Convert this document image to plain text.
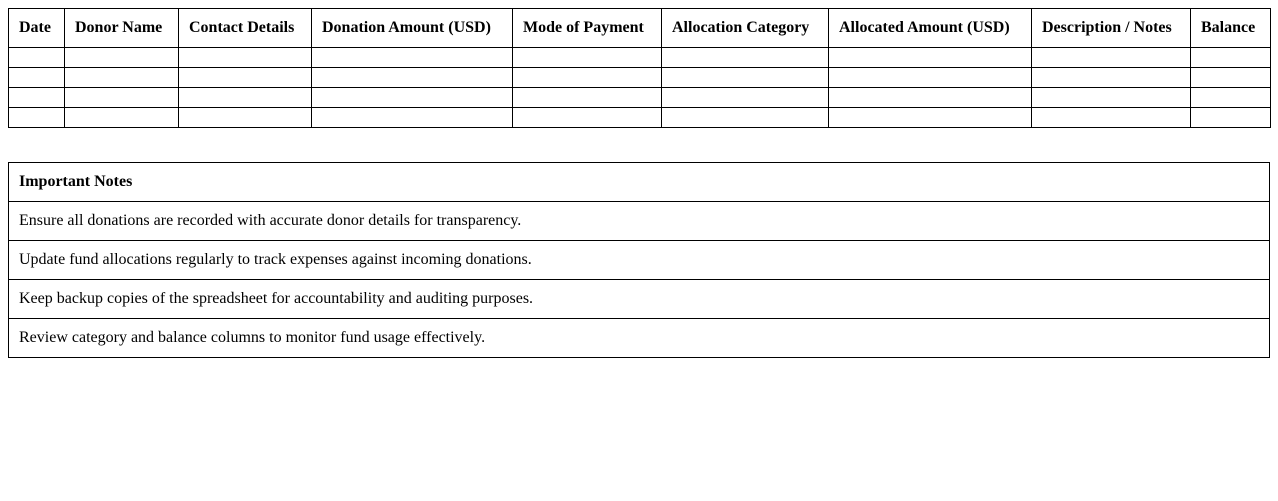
Date	Donor Name	Contact Details	Donation Amount (USD)	Mode of Payment	Allocation Category	Allocated Amount (USD)	Description / Notes	Balance

Important Notes
Ensure all donations are recorded with accurate donor details for transparency.
Update fund allocations regularly to track expenses against incoming donations.
Keep backup copies of the spreadsheet for accountability and auditing purposes.
Review category and balance columns to monitor fund usage effectively.
